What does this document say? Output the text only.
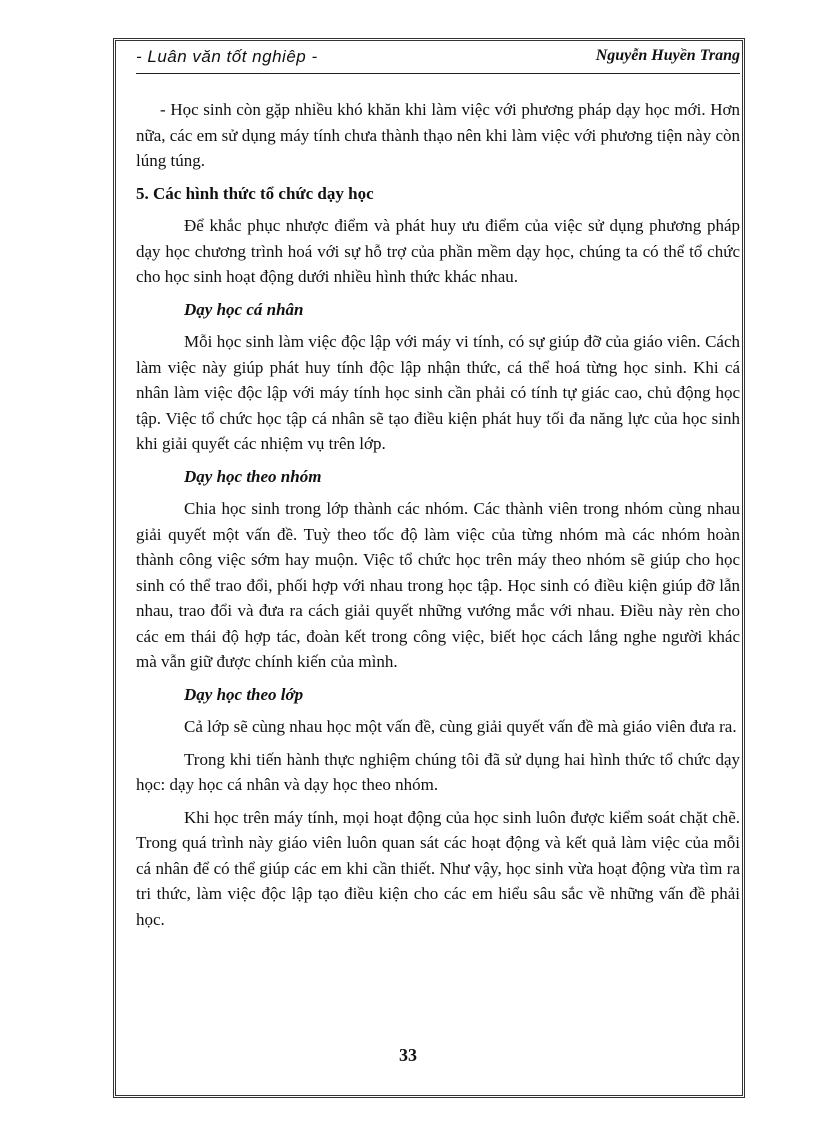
- Luân văn tốt nghiêp -	Nguyễn Huyền Trang

- Học sinh còn gặp nhiều khó khăn khi làm việc với phương pháp dạy học mới. Hơn nữa, các em sử dụng máy tính chưa thành thạo nên khi làm việc với phương tiện này còn lúng túng.

5. Các hình thức tổ chức dạy học

Để khắc phục nhược điểm và phát huy ưu điểm của việc sử dụng phương pháp dạy học chương trình hoá với sự hỗ trợ của phần mềm dạy học, chúng ta có thể tổ chức cho học sinh hoạt động dưới nhiều hình thức khác nhau.

Dạy học cá nhân

Mỗi học sinh làm việc độc lập với máy vi tính, có sự giúp đỡ của giáo viên. Cách làm việc này giúp phát huy tính độc lập nhận thức, cá thể hoá từng học sinh. Khi cá nhân làm việc độc lập với máy tính học sinh cần phải có tính tự giác cao, chủ động học tập. Việc tổ chức học tập cá nhân sẽ tạo điều kiện phát huy tối đa năng lực của học sinh khi giải quyết các nhiệm vụ trên lớp.

Dạy học theo nhóm

Chia học sinh trong lớp thành các nhóm. Các thành viên trong nhóm cùng nhau giải quyết một vấn đề. Tuỳ theo tốc độ làm việc của từng nhóm mà các nhóm hoàn thành công việc sớm hay muộn. Việc tổ chức học trên máy theo nhóm sẽ giúp cho học sinh có thể trao đổi, phối hợp với nhau trong học tập. Học sinh có điều kiện giúp đỡ lẫn nhau, trao đổi và đưa ra cách giải quyết những vướng mắc với nhau. Điều này rèn cho các em thái độ hợp tác, đoàn kết trong công việc, biết học cách lắng nghe người khác mà vẫn giữ được chính kiến của mình.

Dạy học theo lớp

Cả lớp sẽ cùng nhau học một vấn đề, cùng giải quyết vấn đề mà giáo viên đưa ra.

Trong khi tiến hành thực nghiệm chúng tôi đã sử dụng hai hình thức tổ chức dạy học: dạy học cá nhân và dạy học theo nhóm.

Khi học trên máy tính, mọi hoạt động của học sinh luôn được kiểm soát chặt chẽ. Trong quá trình này giáo viên luôn quan sát các hoạt động và kết quả làm việc của mỗi cá nhân để có thể giúp các em khi cần thiết. Như vậy, học sinh vừa hoạt động vừa tìm ra tri thức, làm việc độc lập tạo điều kiện cho các em hiểu sâu sắc về những vấn đề phải học.

33
